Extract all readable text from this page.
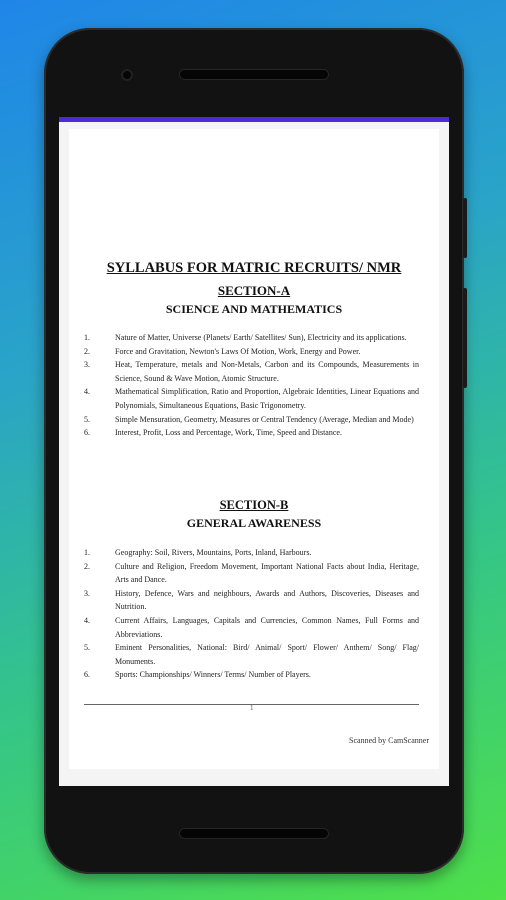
SYLLABUS FOR MATRIC RECRUITS/ NMR
SECTION-A
SCIENCE AND MATHEMATICS
1.	Nature of Matter, Universe (Planets/ Earth/ Satellites/ Sun), Electricity and its applications.
2.	Force and Gravitation, Newton's Laws Of Motion, Work, Energy and Power.
3.	Heat, Temperature, metals and Non-Metals, Carbon and its Compounds, Measurements in Science, Sound & Wave Motion, Atomic Structure.
4.	Mathematical Simplification, Ratio and Proportion, Algebraic Identities, Linear Equations and Polynomials, Simultaneous Equations, Basic Trigonometry.
5.	Simple Mensuration, Geometry, Measures or Central Tendency (Average, Median and Mode)
6.	Interest, Profit, Loss and Percentage, Work, Time, Speed and Distance.
SECTION-B
GENERAL AWARENESS
1.	Geography: Soil, Rivers, Mountains, Ports, Inland, Harbours.
2.	Culture and Religion, Freedom Movement, Important National Facts about India, Heritage, Arts and Dance.
3.	History, Defence, Wars and neighbours, Awards and Authors, Discoveries, Diseases and Nutrition.
4.	Current Affairs, Languages, Capitals and Currencies, Common Names, Full Forms and Abbreviations.
5.	Eminent Personalities, National: Bird/ Animal/ Sport/ Flower/ Anthem/ Song/ Flag/ Monuments.
6.	Sports: Championships/ Winners/ Terms/ Number of Players.
1
Scanned by CamScanner
